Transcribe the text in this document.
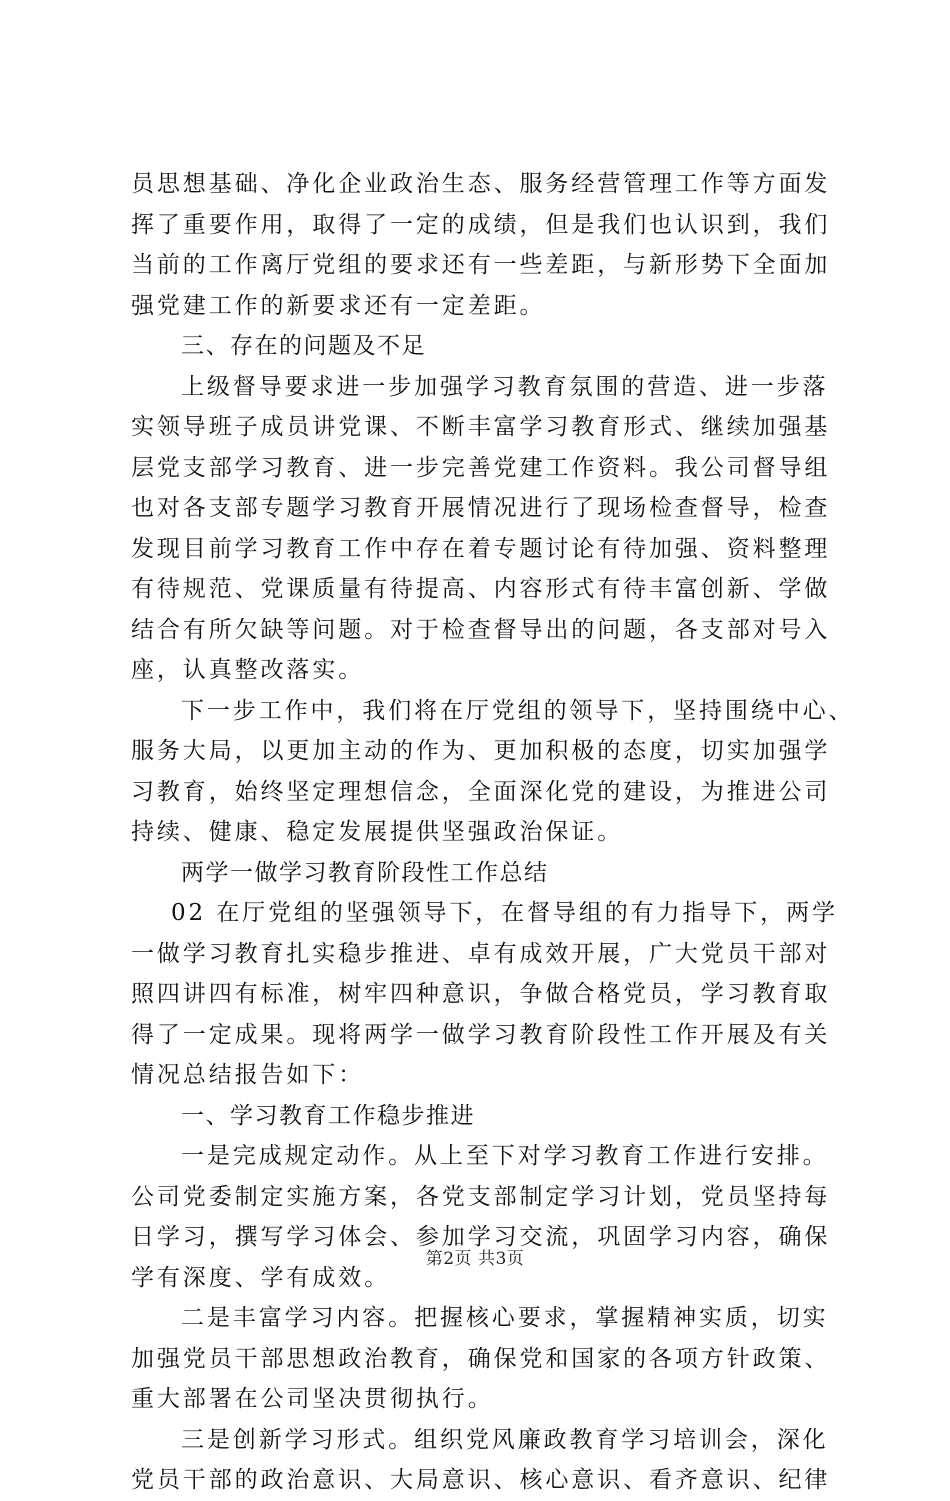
员思想基础、净化企业政治生态、服务经营管理工作等方面发
挥了重要作用，取得了一定的成绩，但是我们也认识到，我们
当前的工作离厅党组的要求还有一些差距，与新形势下全面加
强党建工作的新要求还有一定差距。
三、存在的问题及不足
上级督导要求进一步加强学习教育氛围的营造、进一步落
实领导班子成员讲党课、不断丰富学习教育形式、继续加强基
层党支部学习教育、进一步完善党建工作资料。我公司督导组
也对各支部专题学习教育开展情况进行了现场检查督导，检查
发现目前学习教育工作中存在着专题讨论有待加强、资料整理
有待规范、党课质量有待提高、内容形式有待丰富创新、学做
结合有所欠缺等问题。对于检查督导出的问题，各支部对号入
座，认真整改落实。
下一步工作中，我们将在厅党组的领导下，坚持围绕中心、
服务大局，以更加主动的作为、更加积极的态度，切实加强学
习教育，始终坚定理想信念，全面深化党的建设，为推进公司
持续、健康、稳定发展提供坚强政治保证。
两学一做学习教育阶段性工作总结
02 在厅党组的坚强领导下，在督导组的有力指导下，两学
一做学习教育扎实稳步推进、卓有成效开展，广大党员干部对
照四讲四有标准，树牢四种意识，争做合格党员，学习教育取
得了一定成果。现将两学一做学习教育阶段性工作开展及有关
情况总结报告如下：
一、学习教育工作稳步推进
一是完成规定动作。从上至下对学习教育工作进行安排。
公司党委制定实施方案，各党支部制定学习计划，党员坚持每
日学习，撰写学习体会、参加学习交流，巩固学习内容，确保
学有深度、学有成效。
二是丰富学习内容。把握核心要求，掌握精神实质，切实
加强党员干部思想政治教育，确保党和国家的各项方针政策、
重大部署在公司坚决贯彻执行。
三是创新学习形式。组织党风廉政教育学习培训会，深化
党员干部的政治意识、大局意识、核心意识、看齐意识、纪律
第2页 共3页
